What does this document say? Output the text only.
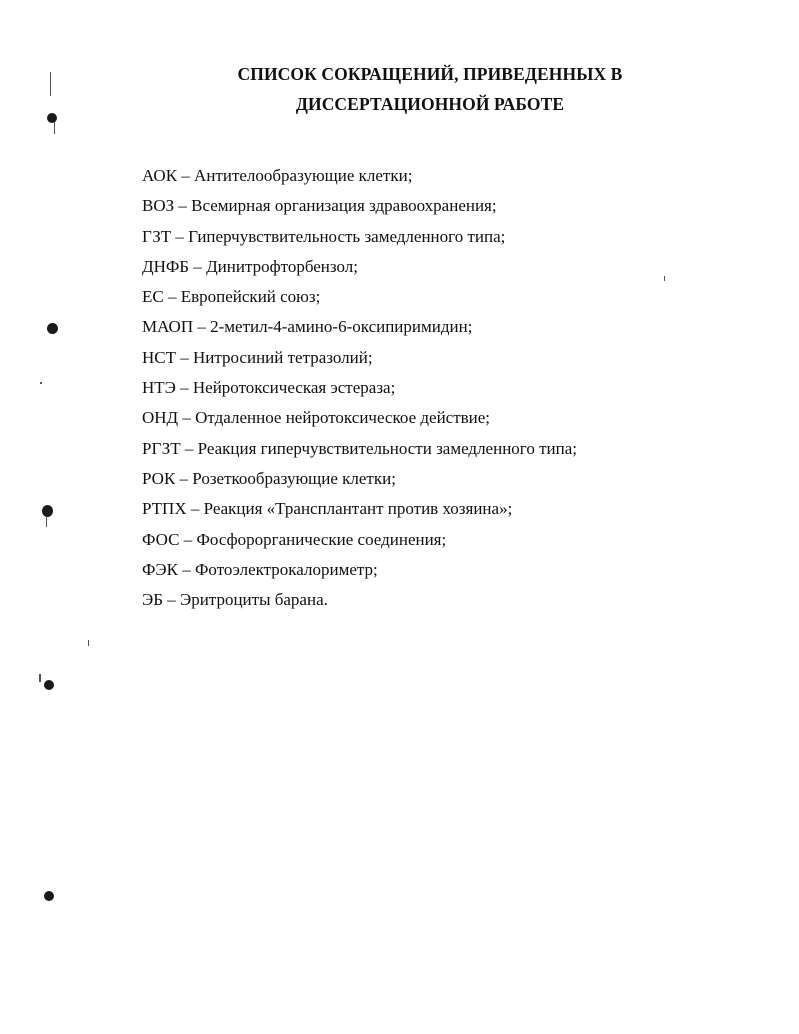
СПИСОК СОКРАЩЕНИЙ, ПРИВЕДЕННЫХ В
ДИССЕРТАЦИОННОЙ РАБОТЕ
АОК – Антителообразующие клетки;
ВОЗ – Всемирная организация здравоохранения;
ГЗТ – Гиперчувствительность замедленного типа;
ДНФБ – Динитрофторбензол;
ЕС – Европейский союз;
МАОП – 2-метил-4-амино-6-оксипиримидин;
НСТ – Нитросиний тетразолий;
НТЭ – Нейротоксическая эстераза;
ОНД – Отдаленное нейротоксическое действие;
РГЗТ – Реакция гиперчувствительности замедленного типа;
РОК – Розеткообразующие клетки;
РТПХ – Реакция «Трансплантант против хозяина»;
ФОС – Фосфорорганические соединения;
ФЭК – Фотоэлектрокалориметр;
ЭБ – Эритроциты барана.
